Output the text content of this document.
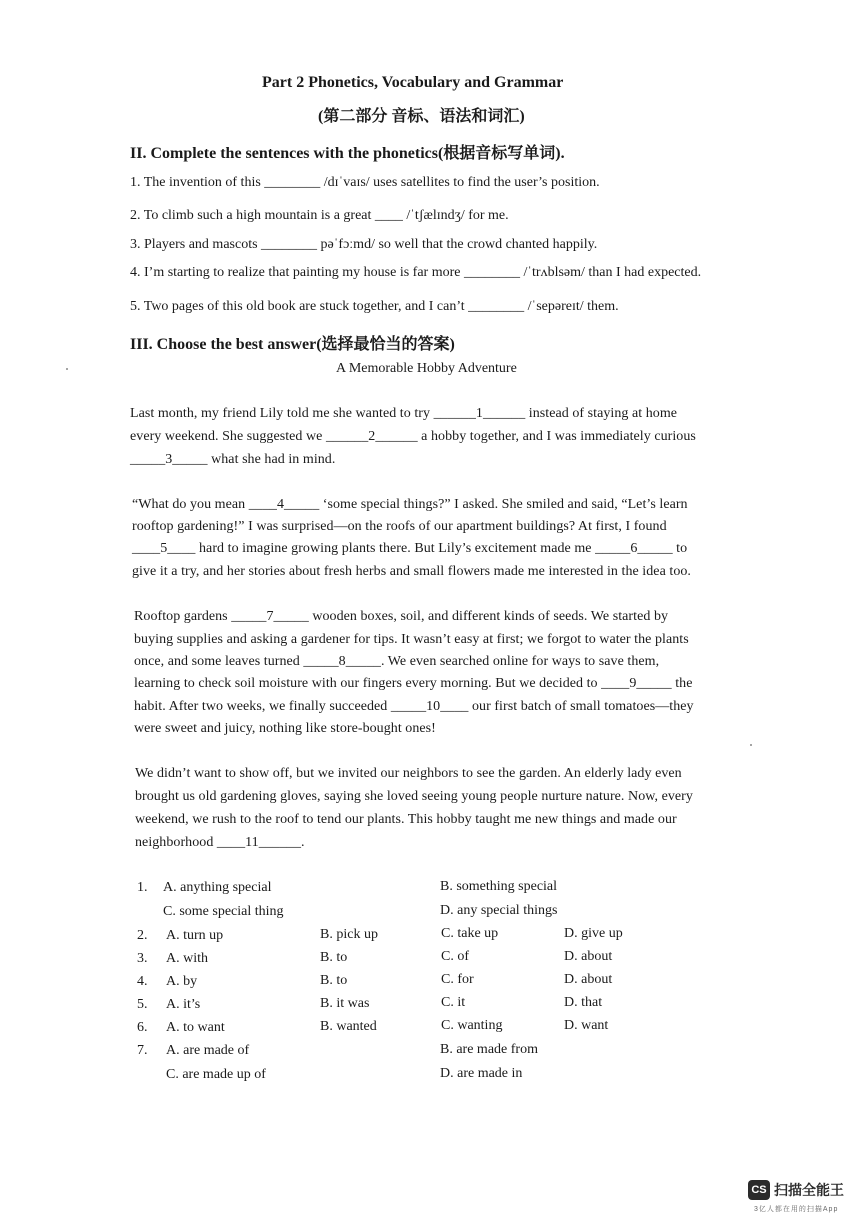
Part 2 Phonetics, Vocabulary and Grammar
(第二部分 音标、语法和词汇)
II. Complete the sentences with the phonetics(根据音标写单词).
1. The invention of this ________ /dɪˈvaɪs/ uses satellites to find the user’s position.
2. To climb such a high mountain is a great ____ /ˈtʃælɪndʒ/ for me.
3. Players and mascots ________ pəˈfɔːmd/ so well that the crowd chanted happily.
4. I’m starting to realize that painting my house is far more ________ /ˈtrʌblsəm/ than I had expected.
5. Two pages of this old book are stuck together, and I can’t ________ /ˈsepəreɪt/ them.
III. Choose the best answer(选择最恰当的答案)
A Memorable Hobby Adventure
Last month, my friend Lily told me she wanted to try ______1______ instead of staying at home
every weekend. She suggested we ______2______ a hobby together, and I was immediately curious
_____3_____ what she had in mind.
“What do you mean ____4_____ ‘some special things?” I asked. She smiled and said, “Let’s learn
rooftop gardening!” I was surprised—on the roofs of our apartment buildings? At first, I found
____5____ hard to imagine growing plants there. But Lily’s excitement made me _____6_____ to
give it a try, and her stories about fresh herbs and small flowers made me interested in the idea too.
Rooftop gardens _____7_____ wooden boxes, soil, and different kinds of seeds. We started by
buying supplies and asking a gardener for tips. It wasn’t easy at first; we forgot to water the plants
once, and some leaves turned _____8_____. We even searched online for ways to save them,
learning to check soil moisture with our fingers every morning. But we decided to ____9_____ the
habit. After two weeks, we finally succeeded _____10____ our first batch of small tomatoes—they
were sweet and juicy, nothing like store-bought ones!
We didn’t want to show off, but we invited our neighbors to see the garden. An elderly lady even
brought us old gardening gloves, saying she loved seeing young people nurture nature. Now, every
weekend, we rush to the roof to tend our plants. This hobby taught me new things and made our
neighborhood ____11______.
1. A. anything special	B. something special
C. some special thing	D. any special things
2. A. turn up	B. pick up	C. take up	D. give up
3. A. with	B. to	C. of	D. about
4. A. by	B. to	C. for	D. about
5. A. it’s	B. it was	C. it	D. that
6. A. to want	B. wanted	C. wanting	D. want
7. A. are made of	B. are made from
C. are made up of	D. are made in
CS 扫描全能王
3亿人都在用的扫描App
